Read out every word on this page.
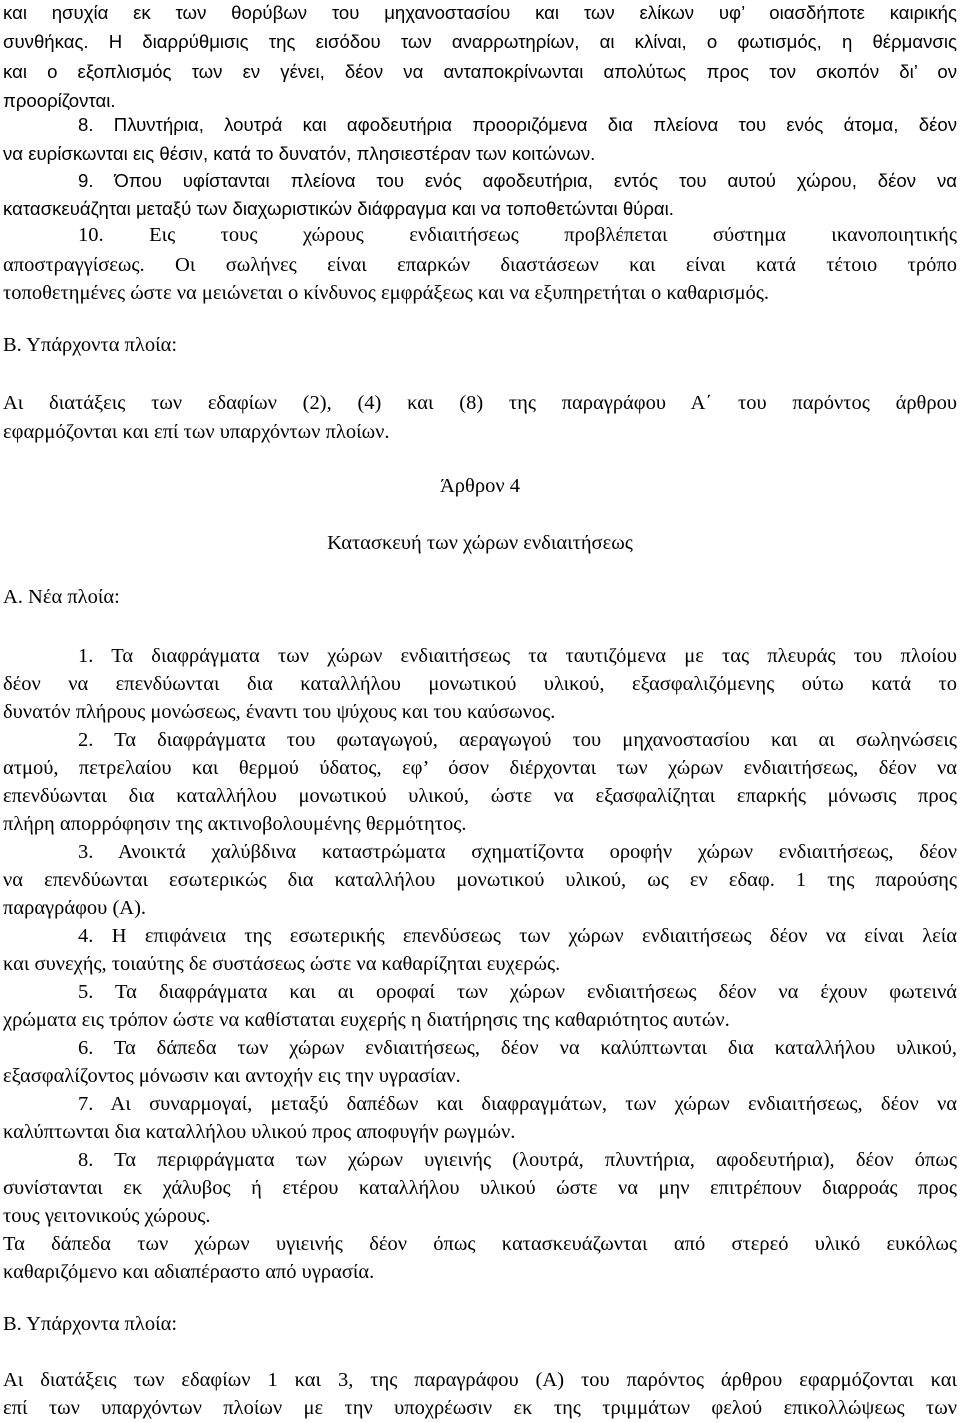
και ησυχία εκ των θορύβων του μηχανοστασίου και των ελίκων υφ’ οιασδήποτε καιρικής

συνθήκας. Η διαρρύθμισις της εισόδου των αναρρωτηρίων, αι κλίναι, ο φωτισμός, η θέρμανσις

και ο εξοπλισμός των εν γένει, δέον να ανταποκρίνωνται απολύτως προς τον σκοπόν δι’ ον

προορίζονται.

8. Πλυντήρια, λουτρά και αφοδευτήρια προοριζόμενα δια πλείονα του ενός άτομα, δέον

να ευρίσκωνται εις θέσιν, κατά το δυνατόν, πλησιεστέραν των κοιτώνων.

9. Όπου υφίστανται πλείονα του ενός αφοδευτήρια, εντός του αυτού χώρου, δέον να

κατασκευάζηται μεταξύ των διαχωριστικών διάφραγμα και να τοποθετώνται θύραι.

10. Εις τους χώρους ενδιαιτήσεως προβλέπεται σύστημα ικανοποιητικής

αποστραγγίσεως. Οι σωλήνες είναι επαρκών διαστάσεων και είναι κατά τέτοιο τρόπο

τοποθετημένες ώστε να μειώνεται ο κίνδυνος εμφράξεως και να εξυπηρετήται ο καθαρισμός.

Β. Υπάρχοντα πλοία:

Αι διατάξεις των εδαφίων (2), (4) και (8) της παραγράφου Α΄ του παρόντος άρθρου

εφαρμόζονται και επί των υπαρχόντων πλοίων.

Άρθρον 4

Κατασκευή των χώρων ενδιαιτήσεως

Α. Νέα πλοία:

1. Τα διαφράγματα των χώρων ενδιαιτήσεως τα ταυτιζόμενα με τας πλευράς του πλοίου

δέον να επενδύωνται δια καταλλήλου μονωτικού υλικού, εξασφαλιζόμενης ούτω κατά το

δυνατόν πλήρους μονώσεως, έναντι του ψύχους και του καύσωνος.

2. Τα διαφράγματα του φωταγωγού, αεραγωγού του μηχανοστασίου και αι σωληνώσεις

ατμού, πετρελαίου και θερμού ύδατος, εφ’ όσον διέρχονται των χώρων ενδιαιτήσεως, δέον να

επενδύωνται δια καταλλήλου μονωτικού υλικού, ώστε να εξασφαλίζηται επαρκής μόνωσις προς

πλήρη απορρόφησιν της ακτινοβολουμένης θερμότητος.

3. Ανοικτά χαλύβδινα καταστρώματα σχηματίζοντα οροφήν χώρων ενδιαιτήσεως, δέον

να επενδύωνται εσωτερικώς δια καταλλήλου μονωτικού υλικού, ως εν εδαφ. 1 της παρούσης

παραγράφου (Α).

4. Η επιφάνεια της εσωτερικής επενδύσεως των χώρων ενδιαιτήσεως δέον να είναι λεία

και συνεχής, τοιαύτης δε συστάσεως ώστε να καθαρίζηται ευχερώς.

5. Τα διαφράγματα και αι οροφαί των χώρων ενδιαιτήσεως δέον να έχουν φωτεινά

χρώματα εις τρόπον ώστε να καθίσταται ευχερής η διατήρησις της καθαριότητος αυτών.

6. Τα δάπεδα των χώρων ενδιαιτήσεως, δέον να καλύπτωνται δια καταλλήλου υλικού,

εξασφαλίζοντος μόνωσιν και αντοχήν εις την υγρασίαν.

7. Αι συναρμογαί, μεταξύ δαπέδων και διαφραγμάτων, των χώρων ενδιαιτήσεως, δέον να

καλύπτωνται δια καταλλήλου υλικού προς αποφυγήν ρωγμών.

8. Τα περιφράγματα των χώρων υγιεινής (λουτρά, πλυντήρια, αφοδευτήρια), δέον όπως

συνίστανται εκ χάλυβος ή ετέρου καταλλήλου υλικού ώστε να μην επιτρέπουν διαρροάς προς

τους γειτονικούς χώρους.

Τα δάπεδα των χώρων υγιεινής δέον όπως κατασκευάζωνται από στερεό υλικό ευκόλως

καθαριζόμενο και αδιαπέραστο από υγρασία.

Β. Υπάρχοντα πλοία:

Αι διατάξεις των εδαφίων 1 και 3, της παραγράφου (Α) του παρόντος άρθρου εφαρμόζονται και

επί των υπαρχόντων πλοίων με την υποχρέωσιν εκ της τριμμάτων φελού επικολλώψεως των
